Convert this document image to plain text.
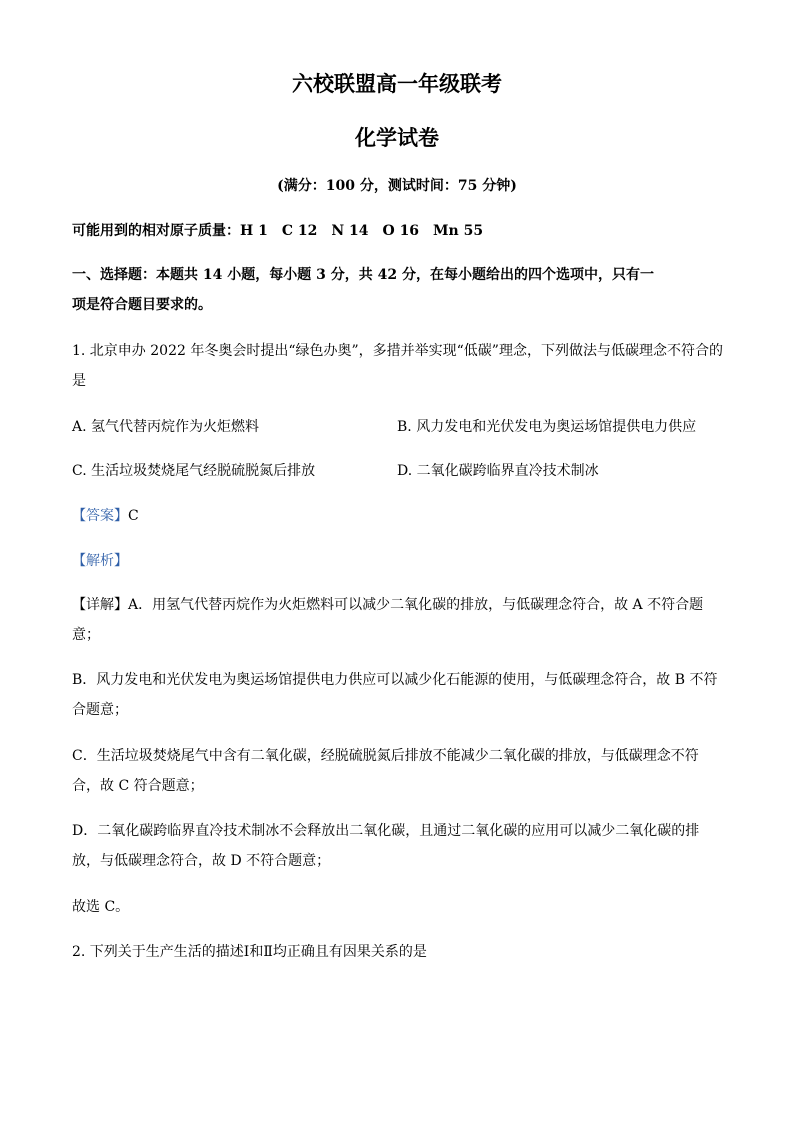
六校联盟高一年级联考
化学试卷
(满分：100 分，测试时间：75 分钟)
可能用到的相对原子质量：H 1　C 12　N 14　O 16　Mn 55
一、选择题：本题共 14 小题，每小题 3 分，共 42 分，在每小题给出的四个选项中，只有一
项是符合题目要求的。
1. 北京申办 2022 年冬奥会时提出“绿色办奥”，多措并举实现“低碳”理念，下列做法与低碳理念不符合的
是
A. 氢气代替丙烷作为火炬燃料	B. 风力发电和光伏发电为奥运场馆提供电力供应
C. 生活垃圾焚烧尾气经脱硫脱氮后排放	D. 二氧化碳跨临界直冷技术制冰
【答案】C
【解析】
【详解】A．用氢气代替丙烷作为火炬燃料可以减少二氧化碳的排放，与低碳理念符合，故 A 不符合题
意；
B．风力发电和光伏发电为奥运场馆提供电力供应可以减少化石能源的使用，与低碳理念符合，故 B 不符
合题意；
C．生活垃圾焚烧尾气中含有二氧化碳，经脱硫脱氮后排放不能减少二氧化碳的排放，与低碳理念不符
合，故 C 符合题意；
D．二氧化碳跨临界直冷技术制冰不会释放出二氧化碳，且通过二氧化碳的应用可以减少二氧化碳的排
放，与低碳理念符合，故 D 不符合题意；
故选 C。
2. 下列关于生产生活的描述Ⅰ和Ⅱ均正确且有因果关系的是
